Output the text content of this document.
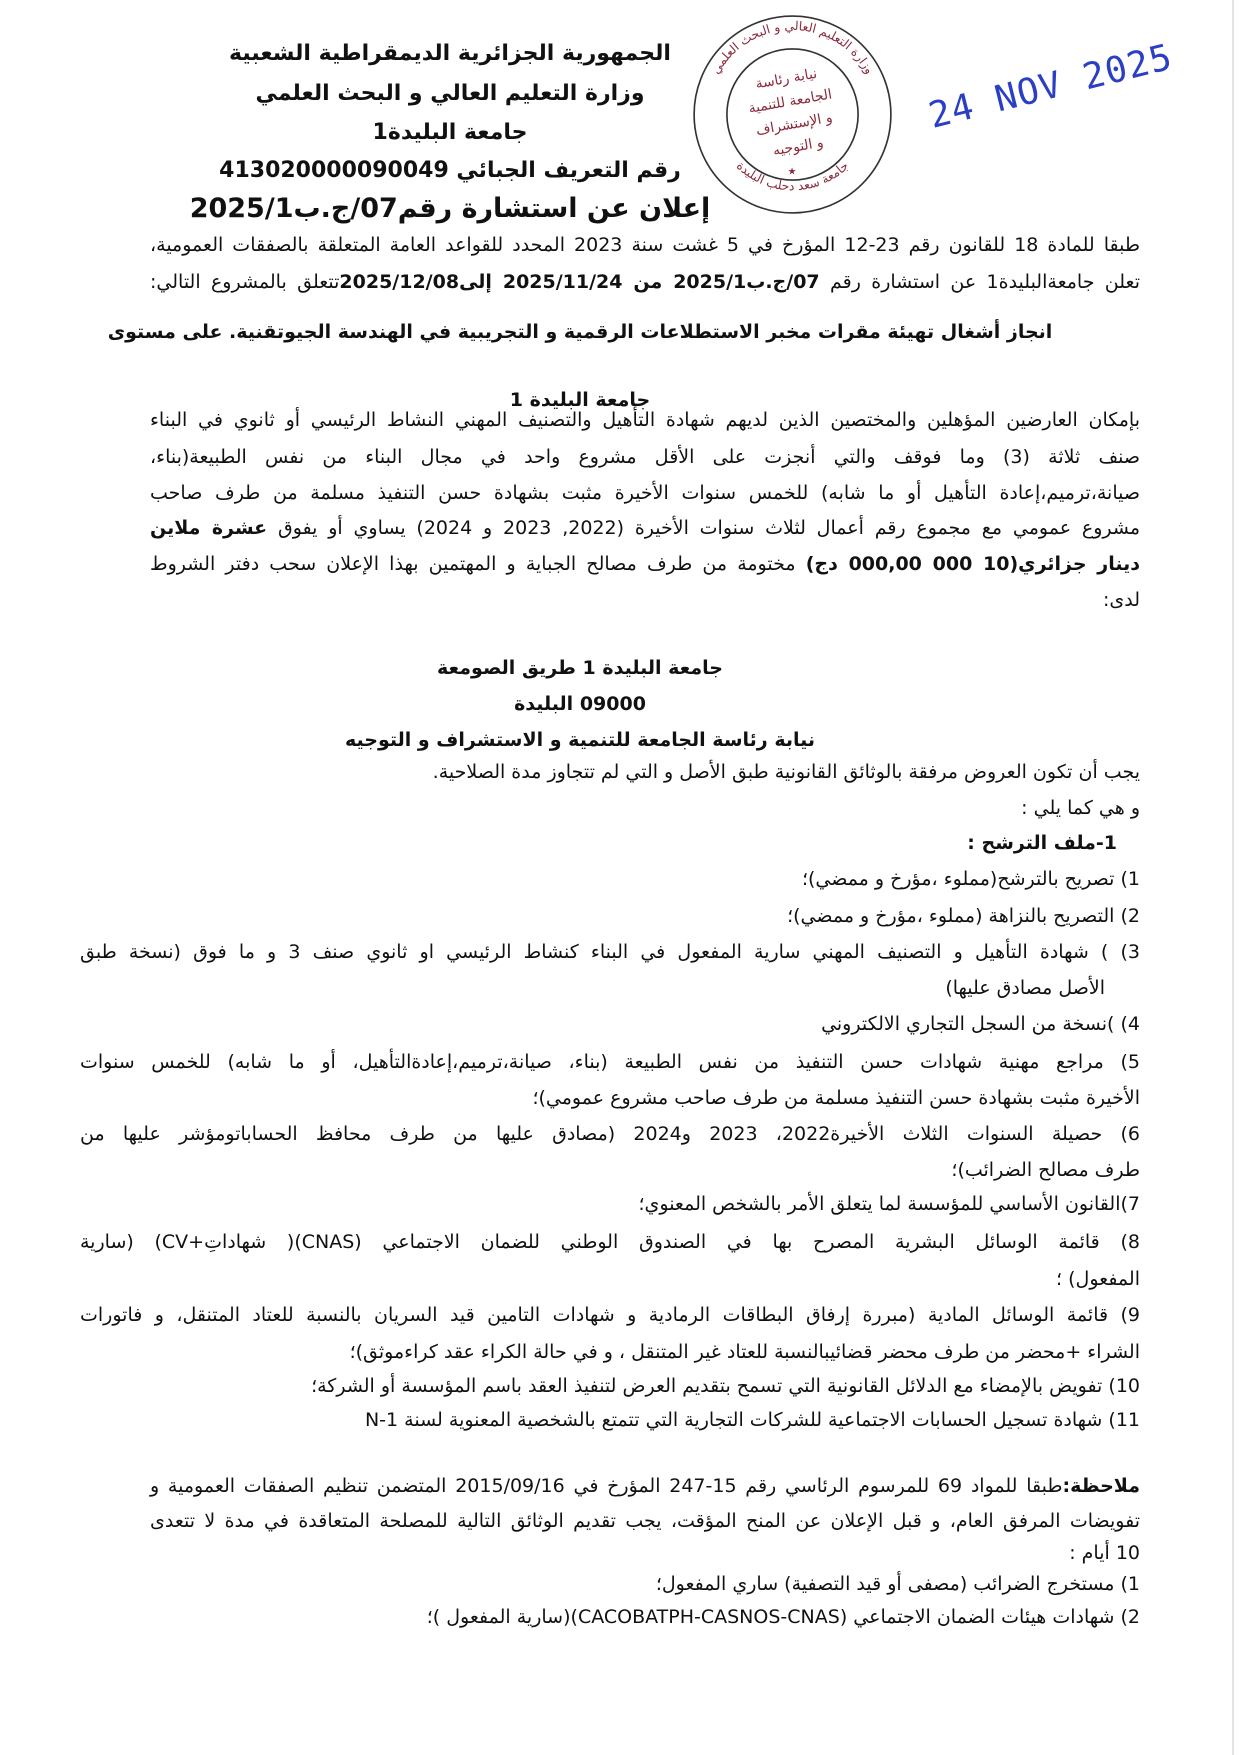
الجمهورية الجزائرية الديمقراطية الشعبية
وزارة التعليم العالي و البحث العلمي
جامعة البليدة1
رقم التعريف الجبائي 413020000090049
إعلان عن استشارة رقم07/ج.ب2025/1
وزارة التعليم العالي و البحث العلمي
جامعة سعد دحلب البليدة
نيابة رئاسة
الجامعة للتنمية
و الإستشراف
و التوجيه
★
24 NOV 2025
طبقا للمادة 18 للقانون رقم 23-12 المؤرخ في 5 غشت سنة 2023 المحدد للقواعد العامة المتعلقة بالصفقات العمومية،
تعلن جامعةالبليدة1 عن استشارة رقم 07/ج.ب2025/1 من 2025/11/24 إلى2025/12/08تتعلق بالمشروع التالي:
انجاز أشغال تهيئة مقرات مخبر الاستطلاعات الرقمية و التجريبية في الهندسة الجيوتقنية. على مستوى
جامعة البليدة 1
بإمكان العارضين المؤهلين والمختصين الذين لديهم شهادة التأهيل والتصنيف المهني النشاط الرئيسي أو ثانوي في البناء
صنف ثلاثة (3) وما فوقف والتي أنجزت على الأقل مشروع واحد في مجال البناء من نفس الطبيعة(بناء،
صيانة،ترميم،إعادة التأهيل أو ما شابه) للخمس سنوات الأخيرة مثبت بشهادة حسن التنفيذ مسلمة من طرف صاحب
مشروع عمومي مع مجموع رقم أعمال لثلاث سنوات الأخيرة (2022, 2023 و 2024) يساوي أو يفوق عشرة ملاين
دينار جزائري(10 000 000,00 دج) مختومة من طرف مصالح الجباية و المهتمين بهذا الإعلان سحب دفتر الشروط
لدى:
جامعة البليدة 1 طريق الصومعة
09000 البليدة
نيابة رئاسة الجامعة للتنمية و الاستشراف و التوجيه
يجب أن تكون العروض مرفقة بالوثائق القانونية طبق الأصل و التي لم تتجاوز مدة الصلاحية.
و هي كما يلي :
1-ملف الترشح :
1) تصريح بالترشح(مملوء ،مؤرخ و ممضي)؛
2) التصريح بالنزاهة (مملوء ،مؤرخ و ممضي)؛
3) ) شهادة التأهيل و التصنيف المهني سارية المفعول في البناء كنشاط الرئيسي او ثانوي صنف 3 و ما فوق (نسخة طبق
الأصل مصادق عليها)
4) )نسخة من السجل التجاري الالكتروني
5) مراجع مهنية شهادات حسن التنفيذ من نفس الطبيعة (بناء، صيانة،ترميم،إعادةالتأهيل، أو ما شابه) للخمس سنوات
الأخيرة مثبت بشهادة حسن التنفيذ مسلمة من طرف صاحب مشروع عمومي)؛
6) حصيلة السنوات الثلاث الأخيرة2022، 2023 و2024 (مصادق عليها من طرف محافظ الحساباتومؤشر عليها من
طرف مصالح الضرائب)؛
7)القانون الأساسي للمؤسسة لما يتعلق الأمر بالشخص المعنوي؛
8) قائمة الوسائل البشرية المصرح بها في الصندوق الوطني للضمان الاجتماعي (CNAS)( شهاداتِ+CV) (سارية
المفعول) ؛
9) قائمة الوسائل المادية (مبررة إرفاق البطاقات الرمادية و شهادات التامين قيد السريان بالنسبة للعتاد المتنقل، و فاتورات
الشراء +محضر من طرف محضر قضائيبالنسبة للعتاد غير المتنقل ، و في حالة الكراء عقد كراءموثق)؛
10) تفويض بالإمضاء مع الدلائل القانونية التي تسمح بتقديم العرض لتنفيذ العقد باسم المؤسسة أو الشركة؛
11) شهادة تسجيل الحسابات الاجتماعية للشركات التجارية التي تتمتع بالشخصية المعنوية لسنة N-1
ملاحظة:طبقا للمواد 69 للمرسوم الرئاسي رقم 15-247 المؤرخ في 2015/09/16 المتضمن تنظيم الصفقات العمومية و
تفويضات المرفق العام، و قبل الإعلان عن المنح المؤقت، يجب تقديم الوثائق التالية للمصلحة المتعاقدة في مدة لا تتعدى
10 أيام :
1) مستخرج الضرائب (مصفى أو قيد التصفية) ساري المفعول؛
2) شهادات هيئات الضمان الاجتماعي (CACOBATPH-CASNOS-CNAS)(سارية المفعول )؛
